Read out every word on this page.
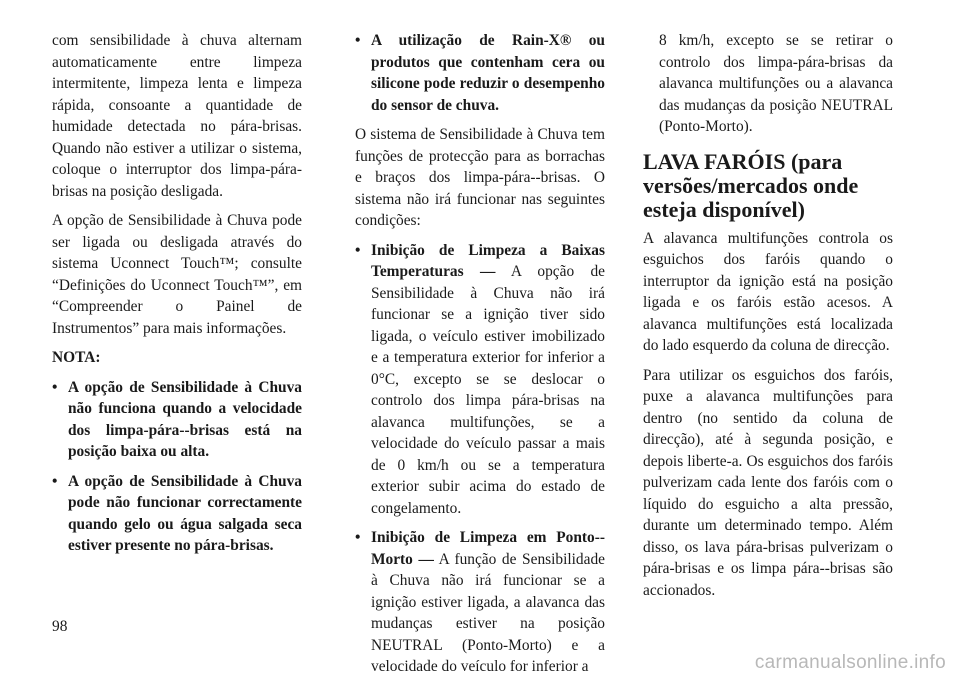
com sensibilidade à chuva alternam automaticamente entre limpeza intermitente, limpeza lenta e limpeza rápida, consoante a quantidade de humidade detectada no pára-brisas. Quando não estiver a utilizar o sistema, coloque o interruptor dos limpa-pára-brisas na posição desligada.

A opção de Sensibilidade à Chuva pode ser ligada ou desligada através do sistema Uconnect Touch™; consulte “Definições do Uconnect Touch™”, em “Compreender o Painel de Instrumentos” para mais informações.

NOTA:

• A opção de Sensibilidade à Chuva não funciona quando a velocidade dos limpa-pára--brisas está na posição baixa ou alta.
• A opção de Sensibilidade à Chuva pode não funcionar correctamente quando gelo ou água salgada seca estiver presente no pára-brisas.
• A utilização de Rain-X® ou produtos que contenham cera ou silicone pode reduzir o desempenho do sensor de chuva.

O sistema de Sensibilidade à Chuva tem funções de protecção para as borrachas e braços dos limpa-pára--brisas. O sistema não irá funcionar nas seguintes condições:

• Inibição de Limpeza a Baixas Temperaturas — A opção de Sensibilidade à Chuva não irá funcionar se a ignição tiver sido ligada, o veículo estiver imobilizado e a temperatura exterior for inferior a 0°C, excepto se se deslocar o controlo dos limpa pára-brisas na alavanca multifunções, se a velocidade do veículo passar a mais de 0 km/h ou se a temperatura exterior subir acima do estado de congelamento.
• Inibição de Limpeza em Ponto--Morto — A função de Sensibilidade à Chuva não irá funcionar se a ignição estiver ligada, a alavanca das mudanças estiver na posição NEUTRAL (Ponto-Morto) e a velocidade do veículo for inferior a

8 km/h, excepto se se retirar o controlo dos limpa-pára-brisas da alavanca multifunções ou a alavanca das mudanças da posição NEUTRAL (Ponto-Morto).

LAVA FARÓIS (para versões/mercados onde esteja disponível)

A alavanca multifunções controla os esguichos dos faróis quando o interruptor da ignição está na posição ligada e os faróis estão acesos. A alavanca multifunções está localizada do lado esquerdo da coluna de direcção.

Para utilizar os esguichos dos faróis, puxe a alavanca multifunções para dentro (no sentido da coluna de direcção), até à segunda posição, e depois liberte-a. Os esguichos dos faróis pulverizam cada lente dos faróis com o líquido do esguicho a alta pressão, durante um determinado tempo. Além disso, os lava pára-brisas pulverizam o pára-brisas e os limpa pára--brisas são accionados.

98
carmanualsonline.info
